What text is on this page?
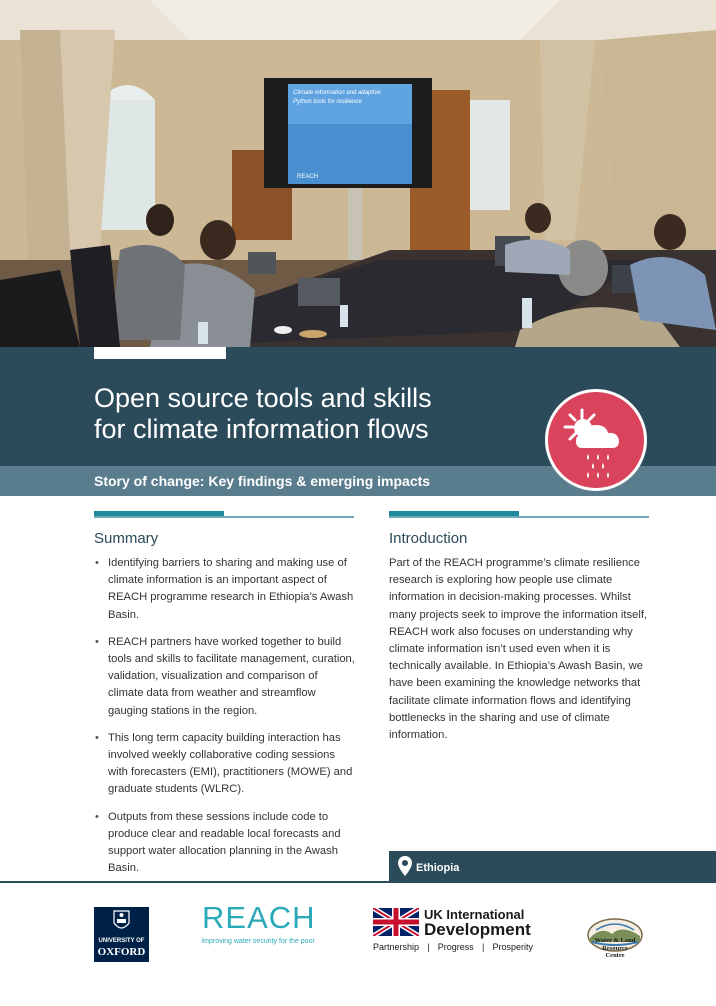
Climate information and adaptive
Python tools for resilience
REACH
Open source tools and skills
for climate information flows

Story of change: Key findings & emerging impacts

Summary
• Identifying barriers to sharing and making use of climate information is an important aspect of REACH programme research in Ethiopia’s Awash Basin.
• REACH partners have worked together to build tools and skills to facilitate management, curation, validation, visualization and comparison of climate data from weather and streamflow gauging stations in the region.
• This long term capacity building interaction has involved weekly collaborative coding sessions with forecasters (EMI), practitioners (MOWE) and graduate students (WLRC).
• Outputs from these sessions include code to produce clear and readable local forecasts and support water allocation planning in the Awash Basin.
Introduction

Part of the REACH programme’s climate resilience research is exploring how people use climate information in decision-making processes. Whilst many projects seek to improve the information itself, REACH work also focuses on understanding why climate information isn’t used even when it is technically available. In Ethiopia’s Awash Basin, we have been examining the knowledge networks that facilitate climate information flows and identifying bottlenecks in the sharing and use of climate information.

Ethiopia
UNIVERSITY OF
OXFORD
REACH
Improving water security for the poor
UK International
Development
Partnership | Progress | Prosperity
Water & Land
Resource
Centre
